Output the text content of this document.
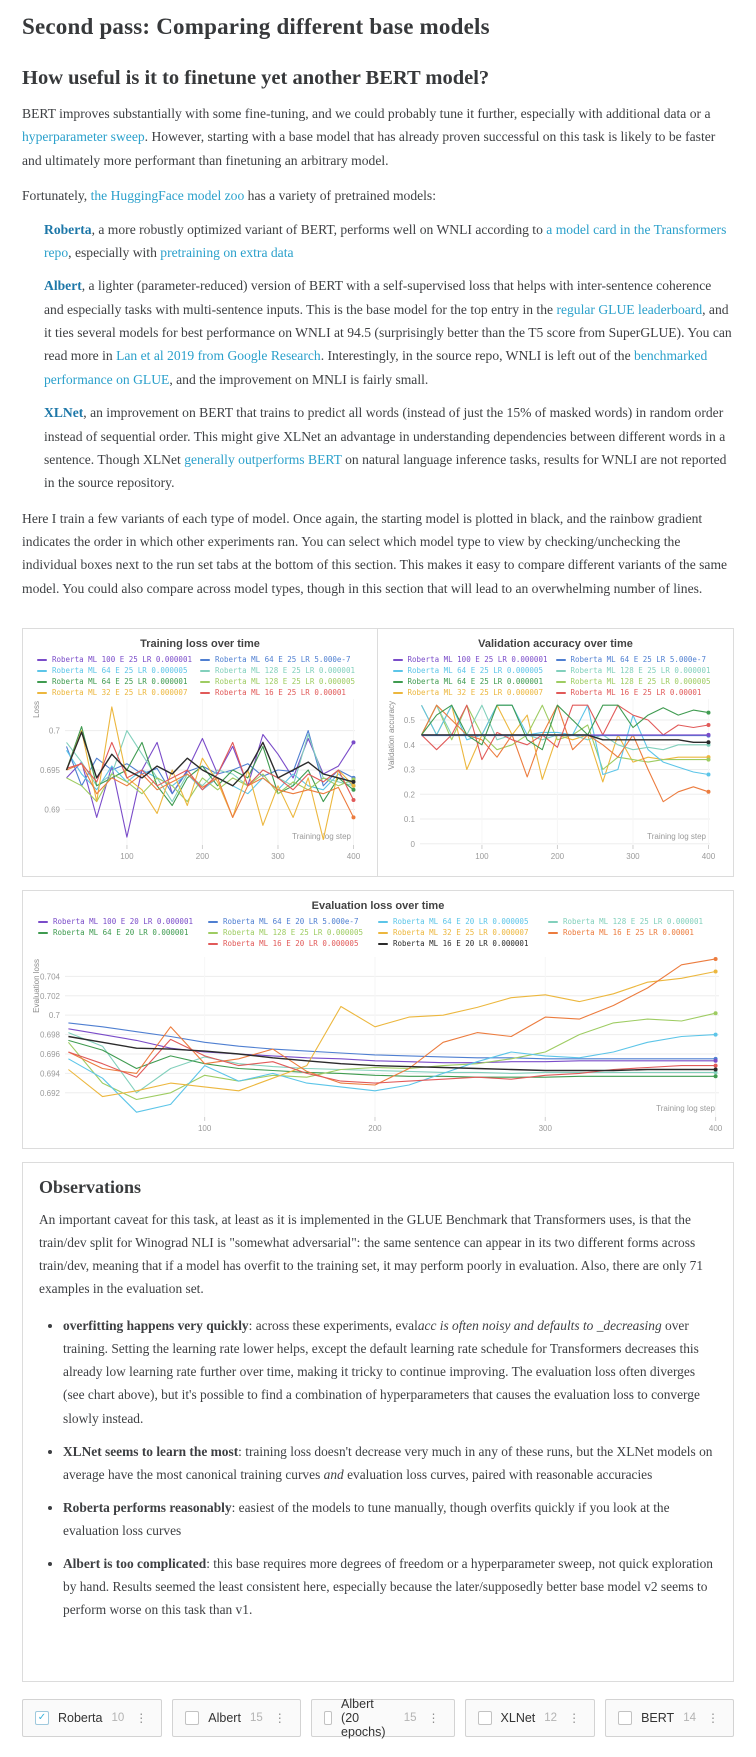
Second pass: Comparing different base models
How useful is it to finetune yet another BERT model?

BERT improves substantially with some fine-tuning, and we could probably tune it further, especially with additional data or a hyperparameter sweep. However, starting with a base model that has already proven successful on this task is likely to be faster and ultimately more performant than finetuning an arbitrary model.

Fortunately, the HuggingFace model zoo has a variety of pretrained models:

Roberta, a more robustly optimized variant of BERT, performs well on WNLI according to a model card in the Transformers repo, especially with pretraining on extra data
Albert, a lighter (parameter-reduced) version of BERT with a self-supervised loss that helps with inter-sentence coherence and especially tasks with multi-sentence inputs. This is the base model for the top entry in the regular GLUE leaderboard, and it ties several models for best performance on WNLI at 94.5 (surprisingly better than the T5 score from SuperGLUE). You can read more in Lan et al 2019 from Google Research. Interestingly, in the source repo, WNLI is left out of the benchmarked performance on GLUE, and the improvement on MNLI is fairly small.
XLNet, an improvement on BERT that trains to predict all words (instead of just the 15% of masked words) in random order instead of sequential order. This might give XLNet an advantage in understanding dependencies between different words in a sentence. Though XLNet generally outperforms BERT on natural language inference tasks, results for WNLI are not reported in the source repository.

Here I train a few variants of each type of model. Once again, the starting model is plotted in black, and the rainbow gradient indicates the order in which other experiments ran. You can select which model type to view by checking/unchecking the individual boxes next to the run set tabs at the bottom of this section. This makes it easy to compare different variants of the same model. You could also compare across model types, though in this section that will lead to an overwhelming number of lines.

Training loss over time
Roberta ML 100 E 25 LR 0.000001	Roberta ML 64 E 25 LR 5.000e-7
Roberta ML 64 E 25 LR 0.000005	Roberta ML 128 E 25 LR 0.000001
Roberta ML 64 E 25 LR 0.000001	Roberta ML 128 E 25 LR 0.000005
Roberta ML 32 E 25 LR 0.000007	Roberta ML 16 E 25 LR 0.00001
0.69
0.695
0.7
100	200	300	400
Loss
Training log step
Validation accuracy over time
Roberta ML 100 E 25 LR 0.000001	Roberta ML 64 E 25 LR 5.000e-7
Roberta ML 64 E 25 LR 0.000005	Roberta ML 128 E 25 LR 0.000001
Roberta ML 64 E 25 LR 0.000001	Roberta ML 128 E 25 LR 0.000005
Roberta ML 32 E 25 LR 0.000007	Roberta ML 16 E 25 LR 0.00001
0
0.1
0.2
0.3
0.4
0.5
100	200	300	400
Validation accuracy
Training log step
Evaluation loss over time
Roberta ML 100 E 20 LR 0.000001	Roberta ML 64 E 20 LR 5.000e-7	Roberta ML 64 E 20 LR 0.000005	Roberta ML 128 E 25 LR 0.000001
Roberta ML 64 E 20 LR 0.000001	Roberta ML 128 E 25 LR 0.000005	Roberta ML 32 E 25 LR 0.000007	Roberta ML 16 E 25 LR 0.00001
Roberta ML 16 E 20 LR 0.000005	Roberta ML 16 E 20 LR 0.000001
0.692
0.694
0.696
0.698
0.7
0.702
0.704
100	200	300	400
Evaluation loss
Training log step
Observations

An important caveat for this task, at least as it is implemented in the GLUE Benchmark that Transformers uses, is that the train/dev split for Winograd NLI is "somewhat adversarial": the same sentence can appear in its two different forms across train/dev, meaning that if a model has overfit to the training set, it may perform poorly in evaluation. Also, there are only 71 examples in the evaluation set.

• overfitting happens very quickly: across these experiments, evalacc is often noisy and defaults to _decreasing over training. Setting the learning rate lower helps, except the default learning rate schedule for Transformers decreases this already low learning rate further over time, making it tricky to continue improving. The evaluation loss often diverges (see chart above), but it's possible to find a combination of hyperparameters that causes the evaluation loss to converge slowly instead.
• XLNet seems to learn the most: training loss doesn't decrease very much in any of these runs, but the XLNet models on average have the most canonical training curves and evaluation loss curves, paired with reasonable accuracies
• Roberta performs reasonably: easiest of the models to tune manually, though overfits quickly if you look at the evaluation loss curves
• Albert is too complicated: this base requires more degrees of freedom or a hyperparameter sweep, not quick exploration by hand. Results seemed the least consistent here, especially because the later/supposedly better base model v2 seems to perform worse on this task than v1.
✓ Roberta 10 ⋮	Albert 15 ⋮
Albert (20 epochs)
15 ⋮	XLNet 12 ⋮	BERT 14 ⋮
